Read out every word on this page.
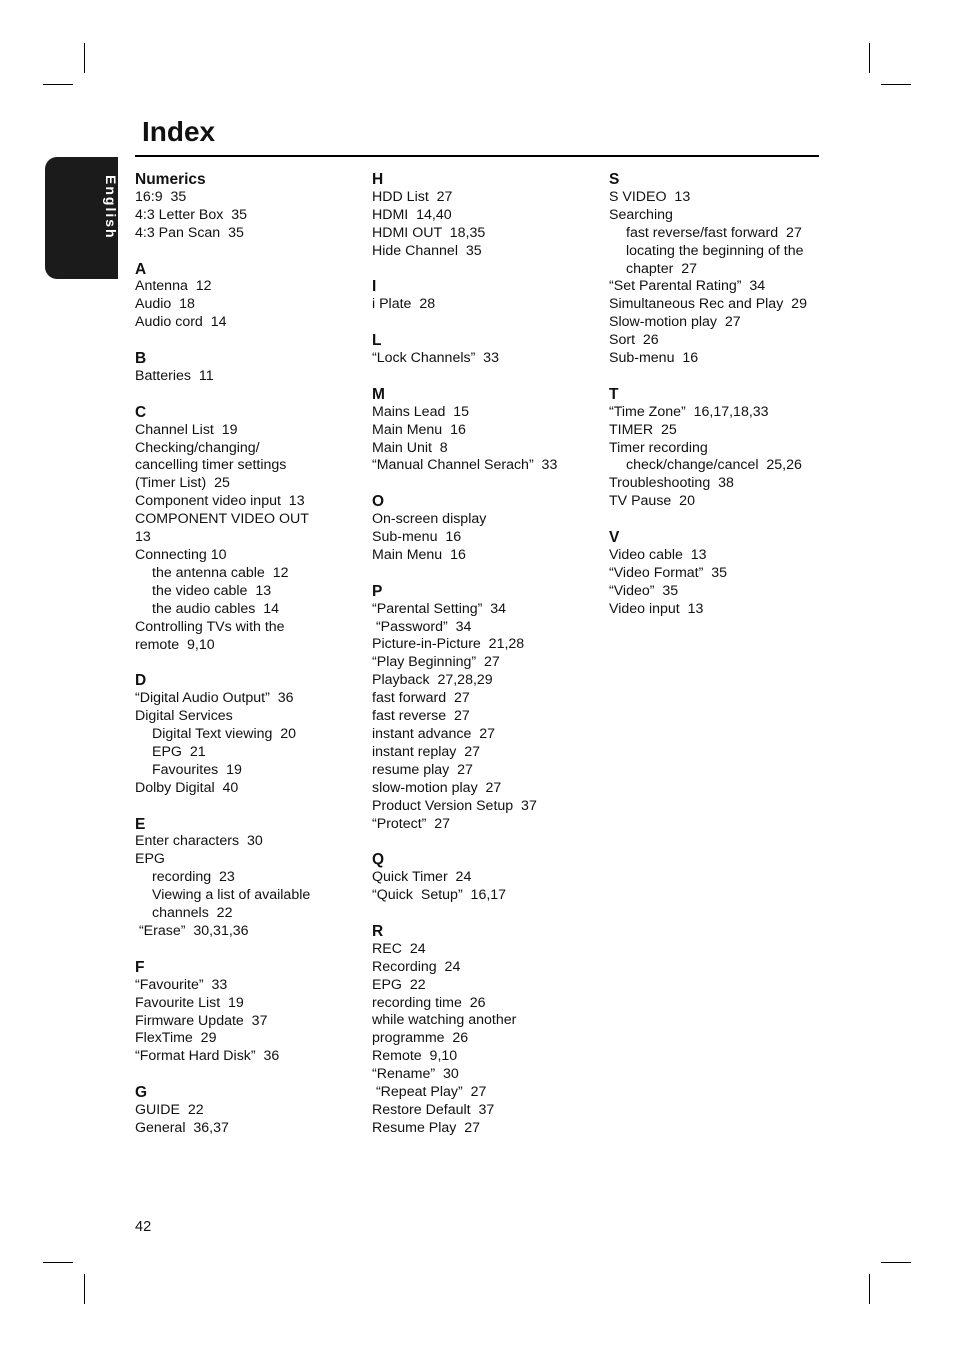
Index
English Numerics
16:9  35
4:3 Letter Box  35
4:3 Pan Scan  35
A
Antenna  12
Audio  18
Audio cord  14
B
Batteries  11
C
Channel List  19
Checking/changing/
cancelling timer settings
(Timer List)  25
Component video input  13
COMPONENT VIDEO OUT
13
Connecting 10
the antenna cable  12
the video cable  13
the audio cables  14
Controlling TVs with the
remote  9,10
D
“Digital Audio Output”  36
Digital Services
Digital Text viewing  20
EPG  21
Favourites  19
Dolby Digital  40
E
Enter characters  30
EPG
recording  23
Viewing a list of available
channels  22
“Erase”  30,31,36
F
“Favourite”  33
Favourite List  19
Firmware Update  37
FlexTime  29
“Format Hard Disk”  36
G
GUIDE  22
General  36,37
H
HDD List  27
HDMI  14,40
HDMI OUT  18,35
Hide Channel  35
I
i Plate  28
L
“Lock Channels”  33
M
Mains Lead  15
Main Menu  16
Main Unit  8
“Manual Channel Serach”  33
O
On-screen display
Sub-menu  16
Main Menu  16
P
“Parental Setting”  34
“Password”  34
Picture-in-Picture  21,28
“Play Beginning”  27
Playback  27,28,29
fast forward  27
fast reverse  27
instant advance  27
instant replay  27
resume play  27
slow-motion play  27
Product Version Setup  37
“Protect”  27
Q
Quick Timer  24
“Quick  Setup”  16,17
R
REC  24
Recording  24
EPG  22
recording time  26
while watching another
programme  26
Remote  9,10
“Rename”  30
“Repeat Play”  27
Restore Default  37
Resume Play  27
S
S VIDEO  13
Searching
fast reverse/fast forward  27
locating the beginning of the
chapter  27
“Set Parental Rating”  34
Simultaneous Rec and Play  29
Slow-motion play  27
Sort  26
Sub-menu  16
T
“Time Zone”  16,17,18,33
TIMER  25
Timer recording
check/change/cancel  25,26
Troubleshooting  38
TV Pause  20
V
Video cable  13
“Video Format”  35
“Video”  35
Video input  13
42
